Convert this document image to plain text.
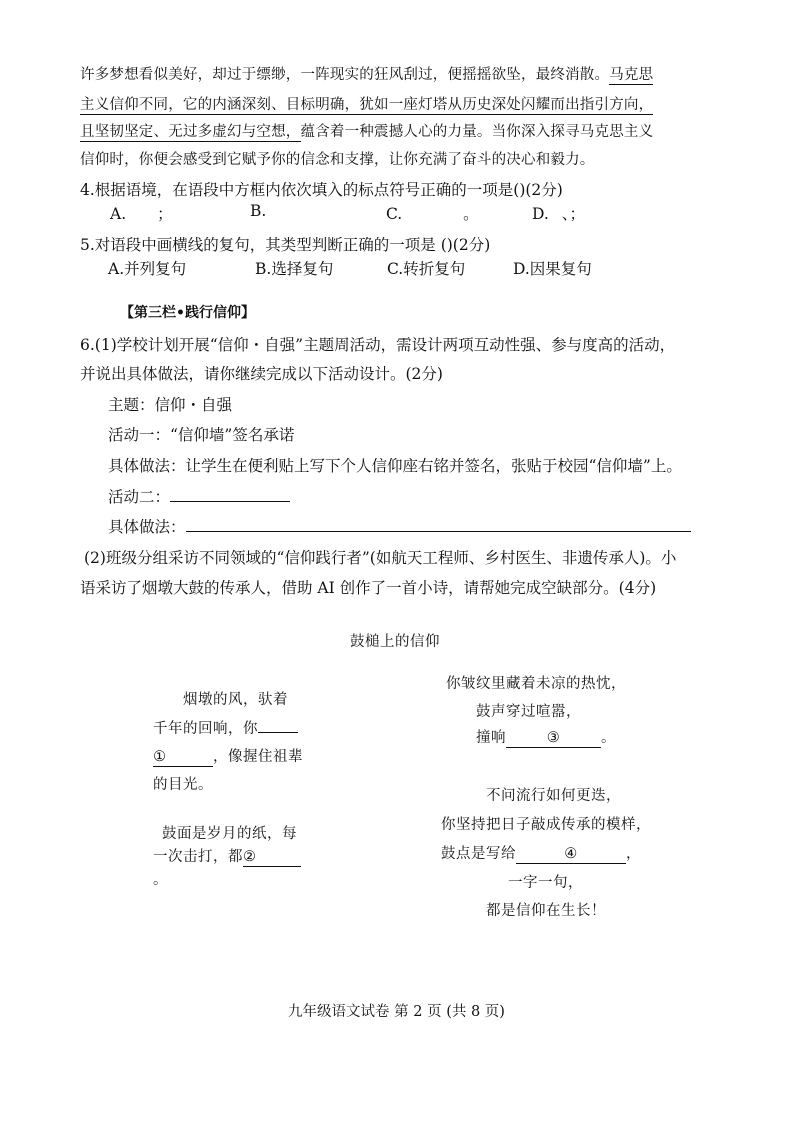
许多梦想看似美好，却过于缥缈，一阵现实的狂风刮过，便摇摇欲坠，最终消散。马克思
主义信仰不同，它的内涵深刻、目标明确，犹如一座灯塔从历史深处闪耀而出指引方向，
且坚韧坚定、无过多虚幻与空想，蕴含着一种震撼人心的力量。当你深入探寻马克思主义
信仰时，你便会感受到它赋予你的信念和支撑，让你充满了奋斗的决心和毅力。
4.根据语境，在语段中方框内依次填入的标点符号正确的一项是()(2分)
A. ；	B.	C.	。	D. 、；
5.对语段中画横线的复句，其类型判断正确的一项是 ()(2分)
A.并列复句	B.选择复句	C.转折复句	D.因果复句
【第三栏•践行信仰】
6.(1)学校计划开展“信仰・自强”主题周活动，需设计两项互动性强、参与度高的活动，
并说出具体做法，请你继续完成以下活动设计。(2分)
主题：信仰・自强
活动一：“信仰墙”签名承诺
具体做法：让学生在便利贴上写下个人信仰座右铭并签名，张贴于校园“信仰墙”上。
活动二：
具体做法：
(2)班级分组采访不同领域的“信仰践行者”(如航天工程师、乡村医生、非遗传承人)。小
语采访了烟墩大鼓的传承人，借助 AI 创作了一首小诗，请帮她完成空缺部分。(4分)
鼓槌上的信仰
烟墩的风，驮着
千年的回响，你
①	，像握住祖辈
的目光。
鼓面是岁月的纸，每
一次击打，都②
。
你皱纹里藏着未凉的热忱，
鼓声穿过喧嚣，
撞响	③	。
不问流行如何更迭，
你坚持把日子敲成传承的模样，
鼓点是写给	④	，
一字一句，
都是信仰在生长！
九年级语文试卷 第 2 页 (共 8 页)
